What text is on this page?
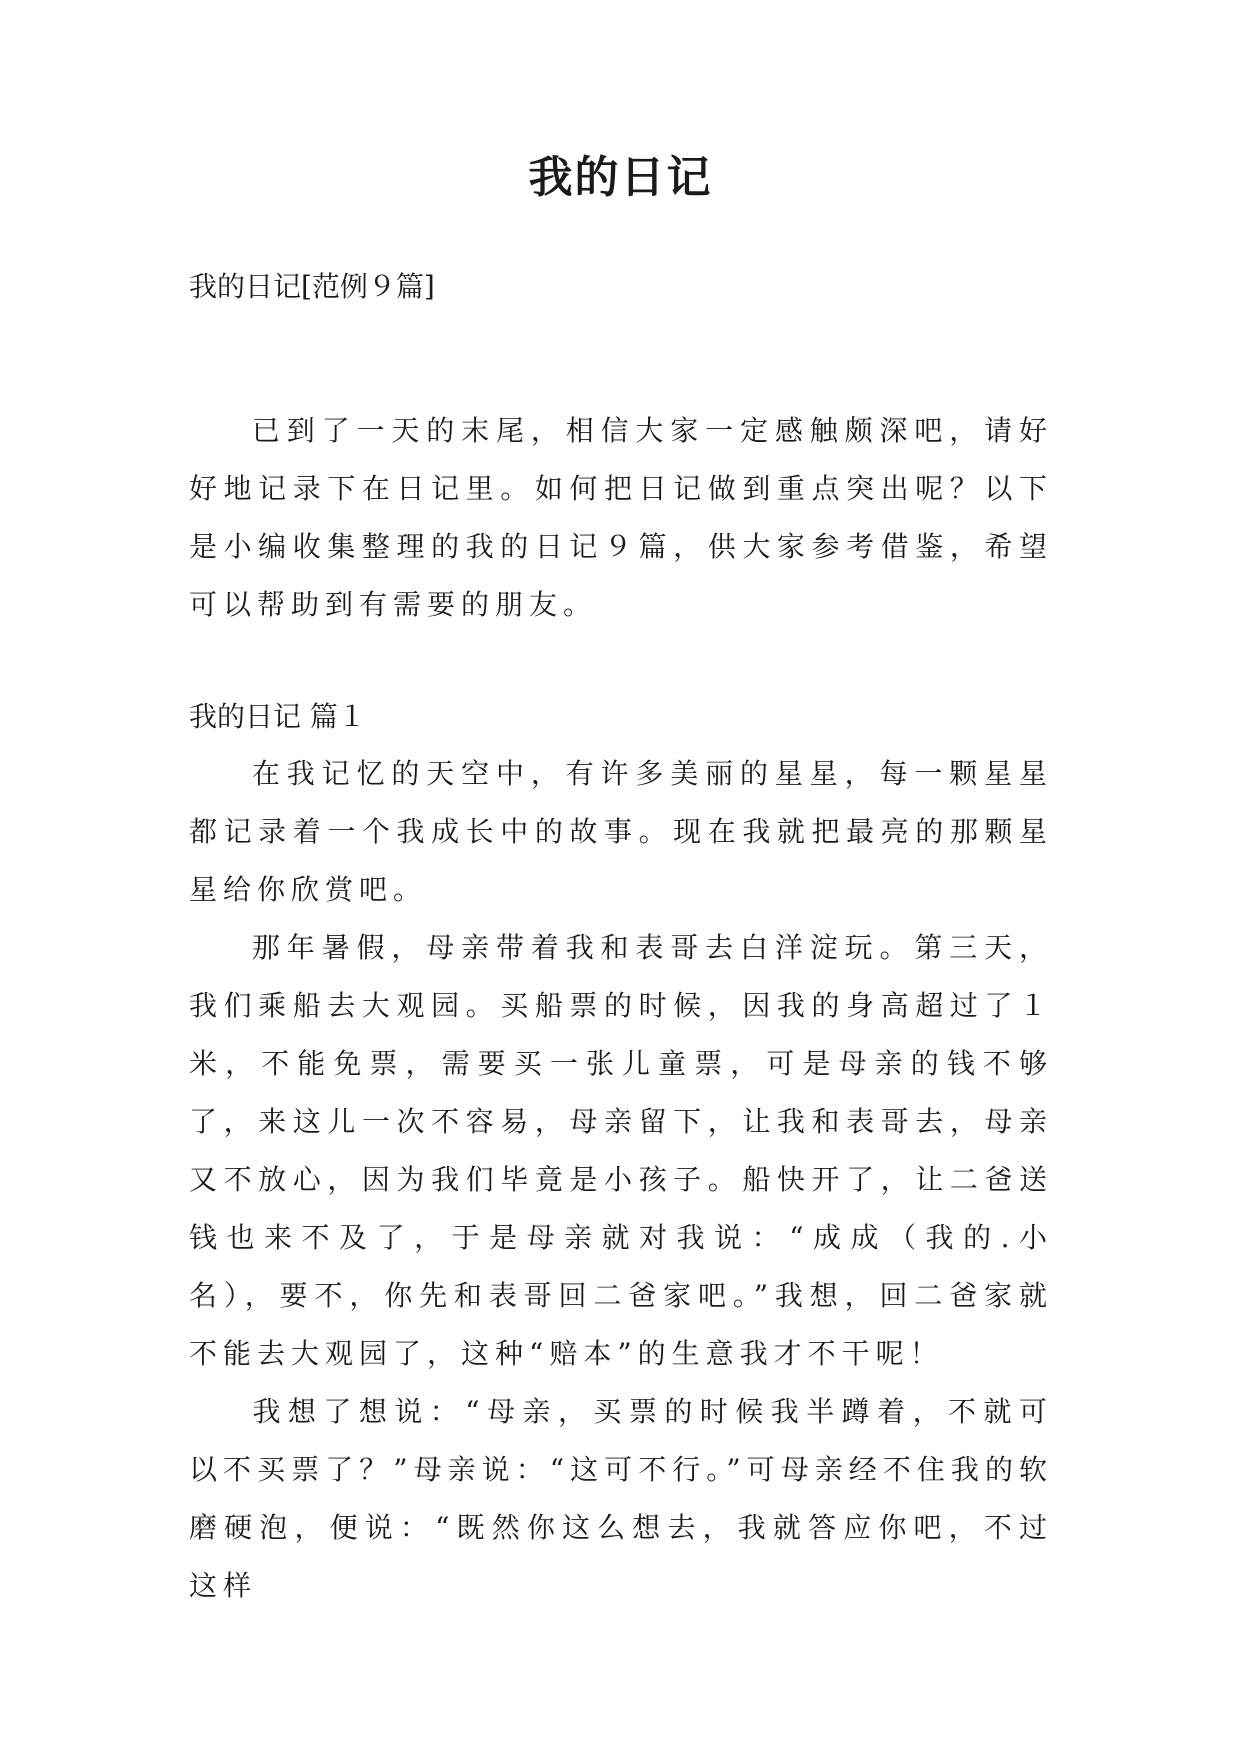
我的日记
我的日记[范例９篇]

已到了一天的末尾，相信大家一定感触颇深吧，请好好地记录下在日记里。如何把日记做到重点突出呢？以下是小编收集整理的我的日记９篇，供大家参考借鉴，希望可以帮助到有需要的朋友。

我的日记 篇１

在我记忆的天空中，有许多美丽的星星，每一颗星星都记录着一个我成长中的故事。现在我就把最亮的那颗星星给你欣赏吧。

那年暑假，母亲带着我和表哥去白洋淀玩。第三天，我们乘船去大观园。买船票的时候，因我的身高超过了１米，不能免票，需要买一张儿童票，可是母亲的钱不够了，来这儿一次不容易，母亲留下，让我和表哥去，母亲又不放心，因为我们毕竟是小孩子。船快开了，让二爸送钱也来不及了，于是母亲就对我说：“成成（我的.小名），要不，你先和表哥回二爸家吧。”我想，回二爸家就不能去大观园了，这种“赔本”的生意我才不干呢！

我想了想说：“母亲，买票的时候我半蹲着，不就可以不买票了？”母亲说：“这可不行。”可母亲经不住我的软磨硬泡，便说：“既然你这么想去，我就答应你吧，不过这样
